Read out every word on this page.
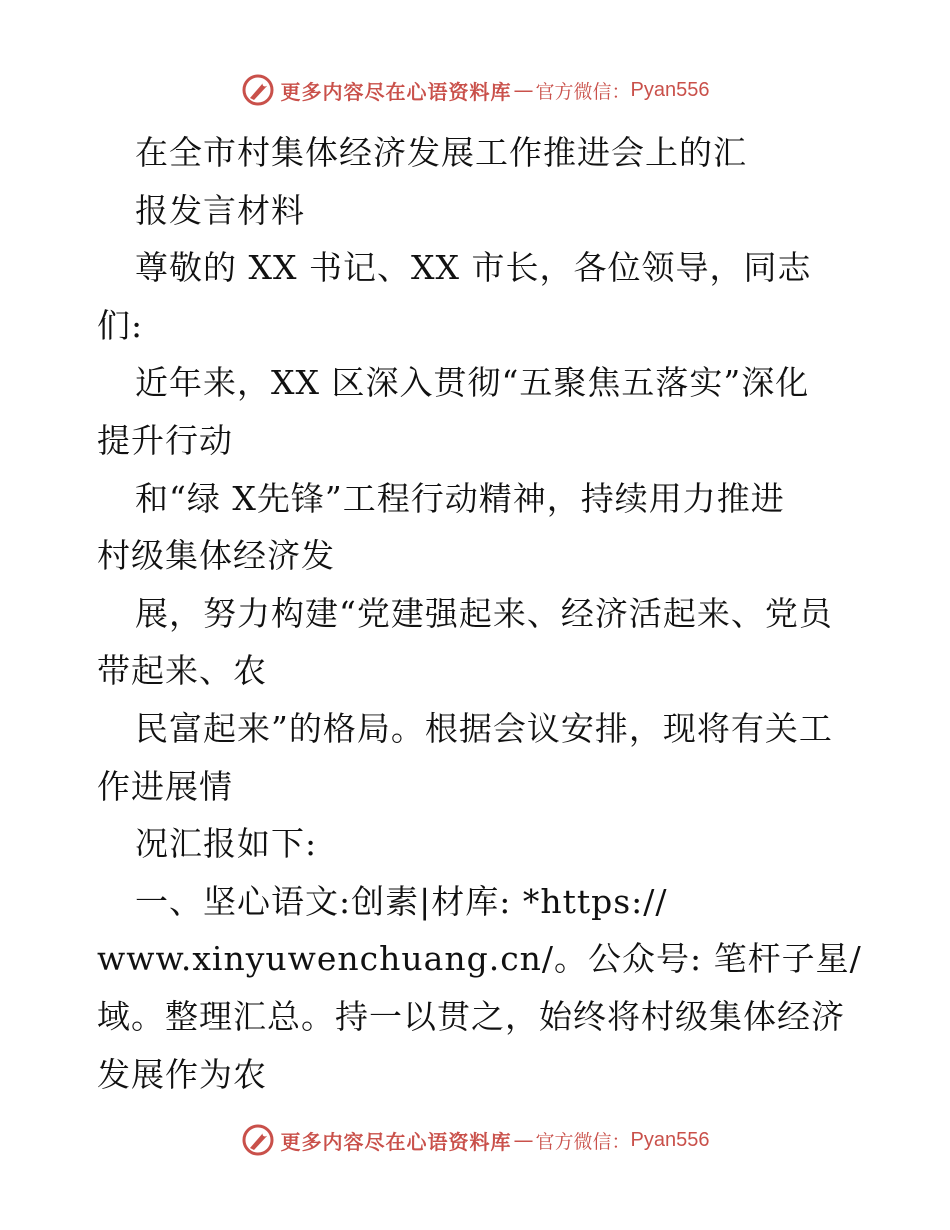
更多内容尽在心语资料库 — 官方微信： Pyan556
在全市村集体经济发展工作推进会上的汇
报发言材料
尊敬的 XX 书记、XX 市长，各位领导，同志
们:
近年来，XX 区深入贯彻“五聚焦五落实”深化
提升行动
和“绿 X先锋”工程行动精神，持续用力推进
村级集体经济发
展，努力构建“党建强起来、经济活起来、党员
带起来、农
民富起来”的格局。根据会议安排，现将有关工
作进展情
况汇报如下:
一、坚心语文:创素|材库: *https://
www.xinyuwenchuang.cn/。公众号: 笔杆子星/
域。整理汇总。持一以贯之，始终将村级集体经济
发展作为农
更多内容尽在心语资料库 — 官方微信： Pyan556
